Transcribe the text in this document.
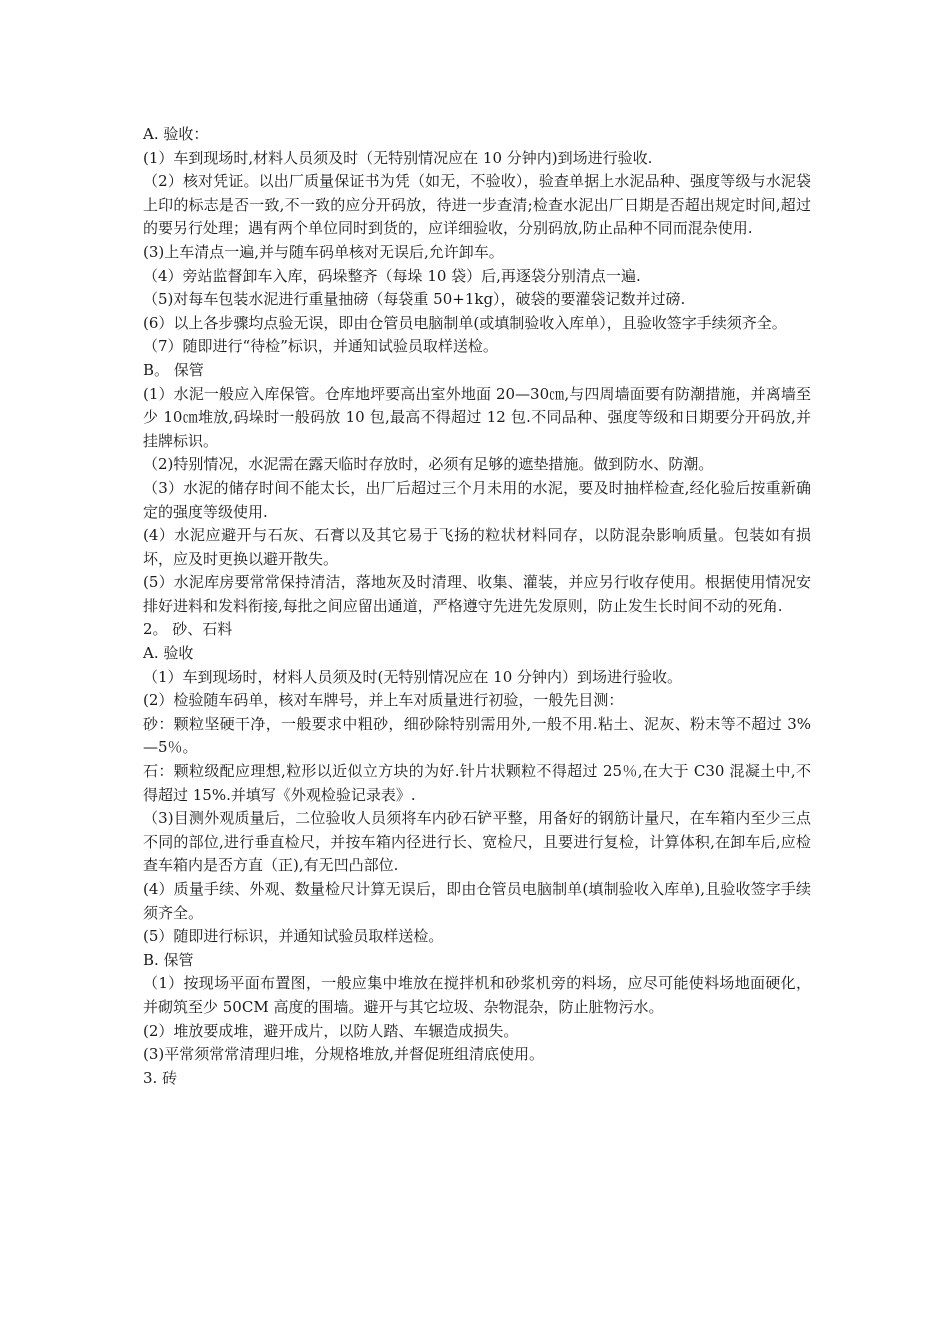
A. 验收：

(1）车到现场时,材料人员须及时（无特别情况应在 10 分钟内)到场进行验收.

（2）核对凭证。以出厂质量保证书为凭（如无，不验收），验查单据上水泥品种、强度等级与水泥袋上印的标志是否一致,不一致的应分开码放，待进一步查清;检查水泥出厂日期是否超出规定时间,超过的要另行处理；遇有两个单位同时到货的，应详细验收，分别码放,防止品种不同而混杂使用.

(3)上车清点一遍,并与随车码单核对无误后,允许卸车。

（4）旁站监督卸车入库，码垛整齐（每垛 10 袋）后,再逐袋分别清点一遍.

（5)对每车包装水泥进行重量抽磅（每袋重 50+1kg），破袋的要灌袋记数并过磅.

(6）以上各步骤均点验无误，即由仓管员电脑制单(或填制验收入库单），且验收签字手续须齐全。

（7）随即进行“待检”标识，并通知试验员取样送检。

B。 保管

(1）水泥一般应入库保管。仓库地坪要高出室外地面 20—30㎝,与四周墙面要有防潮措施，并离墙至少 10㎝堆放,码垛时一般码放 10 包,最高不得超过 12 包.不同品种、强度等级和日期要分开码放,并挂牌标识。

（2)特别情况，水泥需在露天临时存放时，必须有足够的遮垫措施。做到防水、防潮。

（3）水泥的储存时间不能太长，出厂后超过三个月未用的水泥，要及时抽样检查,经化验后按重新确定的强度等级使用.

(4）水泥应避开与石灰、石膏以及其它易于飞扬的粒状材料同存，以防混杂影响质量。包装如有损坏，应及时更换以避开散失。

(5）水泥库房要常常保持清洁，落地灰及时清理、收集、灌装，并应另行收存使用。根据使用情况安排好进料和发料衔接,每批之间应留出通道，严格遵守先进先发原则，防止发生长时间不动的死角.

2。 砂、石料

A. 验收

（1）车到现场时，材料人员须及时(无特别情况应在 10 分钟内）到场进行验收。

(2）检验随车码单，核对车牌号，并上车对质量进行初验，一般先目测：

砂：颗粒坚硬干净，一般要求中粗砂，细砂除特别需用外,一般不用.粘土、泥灰、粉末等不超过 3%—5％。

石：颗粒级配应理想,粒形以近似立方块的为好.针片状颗粒不得超过 25％,在大于 C30 混凝土中,不得超过 15%.并填写《外观检验记录表》.

（3)目测外观质量后，二位验收人员须将车内砂石铲平整，用备好的钢筋计量尺，在车箱内至少三点不同的部位,进行垂直检尺，并按车箱内径进行长、宽检尺，且要进行复检，计算体积,在卸车后,应检查车箱内是否方直（正),有无凹凸部位.

(4）质量手续、外观、数量检尺计算无误后，即由仓管员电脑制单(填制验收入库单),且验收签字手续须齐全。

(5）随即进行标识，并通知试验员取样送检。

B. 保管

（1）按现场平面布置图，一般应集中堆放在搅拌机和砂浆机旁的料场，应尽可能使料场地面硬化，并砌筑至少 50CM 高度的围墙。避开与其它垃圾、杂物混杂，防止脏物污水。

(2）堆放要成堆，避开成片，以防人踏、车辗造成损失。

(3)平常须常常清理归堆，分规格堆放,并督促班组清底使用。

3. 砖
